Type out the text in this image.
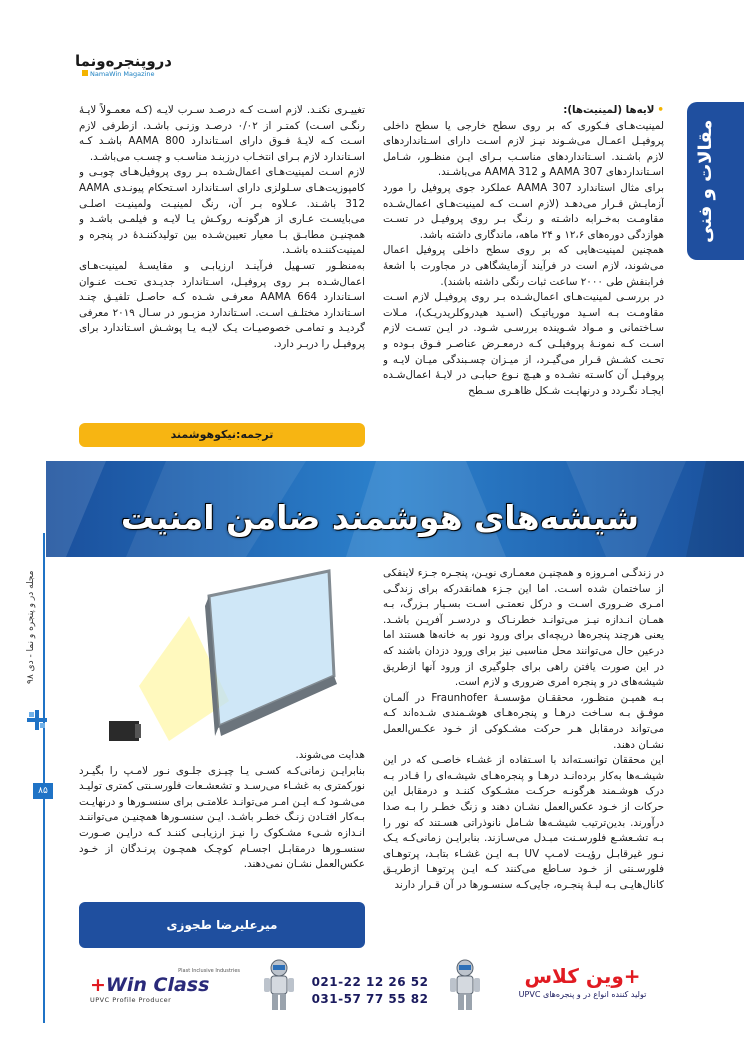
دروپنجره‌ونما
NamaWin Magazine
مقالات و فنی
مجله در و پنجره و نما - دی ۹۸
۸۵

• لایه‌ها (لمینیت‌ها):

لمینیت‌هـای فـکوری که بر روی سطح خارجی یا سطح داخلی پروفیـل اعمـال می‌شـوند نیـز لازم اسـت دارای اسـتانداردهای لازم باشـند. اسـتانداردهای مناسـب بـرای ایـن منظـور، شـامل اسـتانداردهای AAMA 307 و AAMA 312 می‌باشـند.

برای مثال استاندارد AAMA 307 عملکرد جوی پروفیل را مورد آزمایـش قـرار می‌دهـد (لازم اسـت کـه لمینیت‌هـای اعمال‌شـده مقاومـت به‌خـرابه داشـته و رنـگ بـر روی پروفیـل در تسـت هوازدگی دوره‌های ۱۲،۶ و ۲۴ ماهه، ماندگاری داشته باشد.

همچنین لمینیت‌هایی که بر روی سطح داخلی پروفیل اعمال می‌شوند، لازم است در فرآیند آزمایشگاهی در مجاورت با اشعهٔ فرابنفش طی ۲۰۰۰ ساعت ثبات رنگی داشته باشند).

در بررسـی لمینیت‌هـای اعمال‌شـده بـر روی پروفیـل لازم اسـت مقاومـت بـه اسـید موریاتیـک (اسـید هیدروکلریدریـک)، مـلات سـاختمانی و مـواد شـوینده بررسـی شـود. در ایـن تسـت لازم اسـت کـه نمونـهٔ پروفیلـی کـه درمعـرض عناصـر فـوق بـوده و تحـت کشـش قـرار می‌گیـرد، از میـزان چسـبندگی میـان لایـه و پروفیـل آن کاسـته نشـده و هیـچ نـوع حبابـی در لایـهٔ اعمال‌شـده ایجـاد نگـردد و درنهایـت شـکل ظاهـری سـطح

تغییـری نکنـد. لازم اسـت کـه درصـد سـرب لایـه (کـه معمـولاً لایـهٔ رنگـی اسـت) کمتـر از ۰/۰۲ درصـد وزنـی باشـد. ازطرفی لازم اسـت کـه لایـهٔ فـوق دارای اسـتاندارد AAMA 800 باشـد کـه اسـتاندارد لازم بـرای انتخـاب درزبنـد مناسـب و چسـب می‌باشـد.

لازم اسـت لمینیت‌هـای اعمال‌شـده بـر روی پروفیل‌هـای چوبـی و کامپوزیت‌هـای سـلولزی دارای اسـتاندارد اسـتحکام پیونـدی AAMA 312 باشـند. عـلاوه بـر آن، رنگ لمینیـت ولمینیـت اصلـی می‌بایسـت عـاری از هرگونـه روکـش یـا لایـه و فیلمـی باشـد و همچنیـن مطابـق بـا معیار تعیین‌شـده بین تولیدکننـدهٔ در پنجره و لمینیت‌کننـده باشـد.

به‌منظـور تسـهیل فرآینـد ارزیابـی و مقایسـهٔ لمینیت‌هـای اعمال‌شـده بـر روی پروفیـل، اسـتاندارد جدیـدی تحـت عنـوان اسـتاندارد AAMA 664 معرفـی شـده کـه حاصـل تلفیـق چنـد اسـتاندارد مختلـف اسـت. اسـتاندارد مزبـور در سـال ۲۰۱۹ معرفی گردیـد و تمامـی خصوصیـات یـک لایـه یـا پوشـش اسـتاندارد برای پروفیـل را دربـر دارد.

ترجمه:نیکوهوشمند
شیشه‌های هوشمند ضامن امنیت

در زندگـی امـروزه و همچنیـن معمـاری نویـن، پنجـره جـزء لاینفکی از ساختمان شده اسـت. اما این جـزء همانقدرکه برای زندگـی امـری ضـروری اسـت و درکل نعمتـی اسـت بسـیار بـزرگ، بـه همـان انـدازه نیـز می‌توانـد خطرنـاک و دردسـر آفریـن باشـد. یعنی هرچند پنجره‌ها دریچه‌ای برای ورود نور به خانه‌ها هستند اما درعین حال می‌توانند محل مناسبی نیز برای ورود دزدان باشند که در این صورت یافتن راهی برای جلوگیری از ورود آنها ازطریق شیشه‌های در و پنجره امری ضروری و لازم است.

بـه همیـن منظـور، محققـان مؤسسـهٔ Fraunhofer در آلمـان موفـق بـه سـاخت درهـا و پنجره‌هـای هوشـمندی شـده‌اند کـه می‌تواند درمقابل هـر حرکت مشـکوکی از خـود عکـس‌العمل نشـان دهند.

این محققان توانسـته‌اند با اسـتفاده از غشـاء خاصـی که در این شیشـه‌ها به‌کار برده‌انـد درهـا و پنجره‌هـای شیشـه‌ای را قـادر بـه درک هوشـمند هرگونـه حرکـت مشـکوک کننـد و درمقابل این حرکات از خـود عکس‌العمل نشـان دهند و زنگ خطـر را بـه صدا درآورند. بدین‌ترتیب شیشـه‌ها شـامل نانوذراتی هسـتند که نور را بـه تشـعشـع فلورسـنت مبـدل می‌سـازند. بنابرایـن زمانی‌کـه یـک نـور غیرقابـل رؤیـت لامـپ UV بـه ایـن غشـاء بتابـد، پرتوهـای فلورسـنتی از خـود سـاطع می‌کنند کـه ایـن پرتوهـا ازطریـق کانال‌هایـی بـه لبـهٔ پنجـره، جایی‌کـه سنسـورها در آن قـرار دارند

هدایت می‌شوند.

بنابرایـن زمانی‌کـه کسـی یـا چیـزی جلـوی نـور لامـپ را بگیـرد نورکمتری به غشـاء می‌رسـد و تشعشـعات فلورسـنتی کمتری تولیـد می‌شـود کـه ایـن امـر می‌توانـد علامتـی برای سنسـورها و درنهایـت بـه‌کار افتـادن زنـگ خطـر باشـد. ایـن سنسـورها همچنیـن می‌تواننـد انـدازه شـیء مشـکوک را نیـز ارزیابـی کننـد کـه درایـن صـورت سنسـورها درمقابـل اجسـام کوچـک همچـون پرنـدگان از خـود عکس‌العمل نشـان نمی‌دهند.

میرعلیرضا طجوزی
Plast Inclusive Industries
+Win Class
UPVC Profile Producer
021-22 12 26 52
031-57 77 55 82
+وین کلاس
تولید کننده انواع در و پنجره‌های UPVC
